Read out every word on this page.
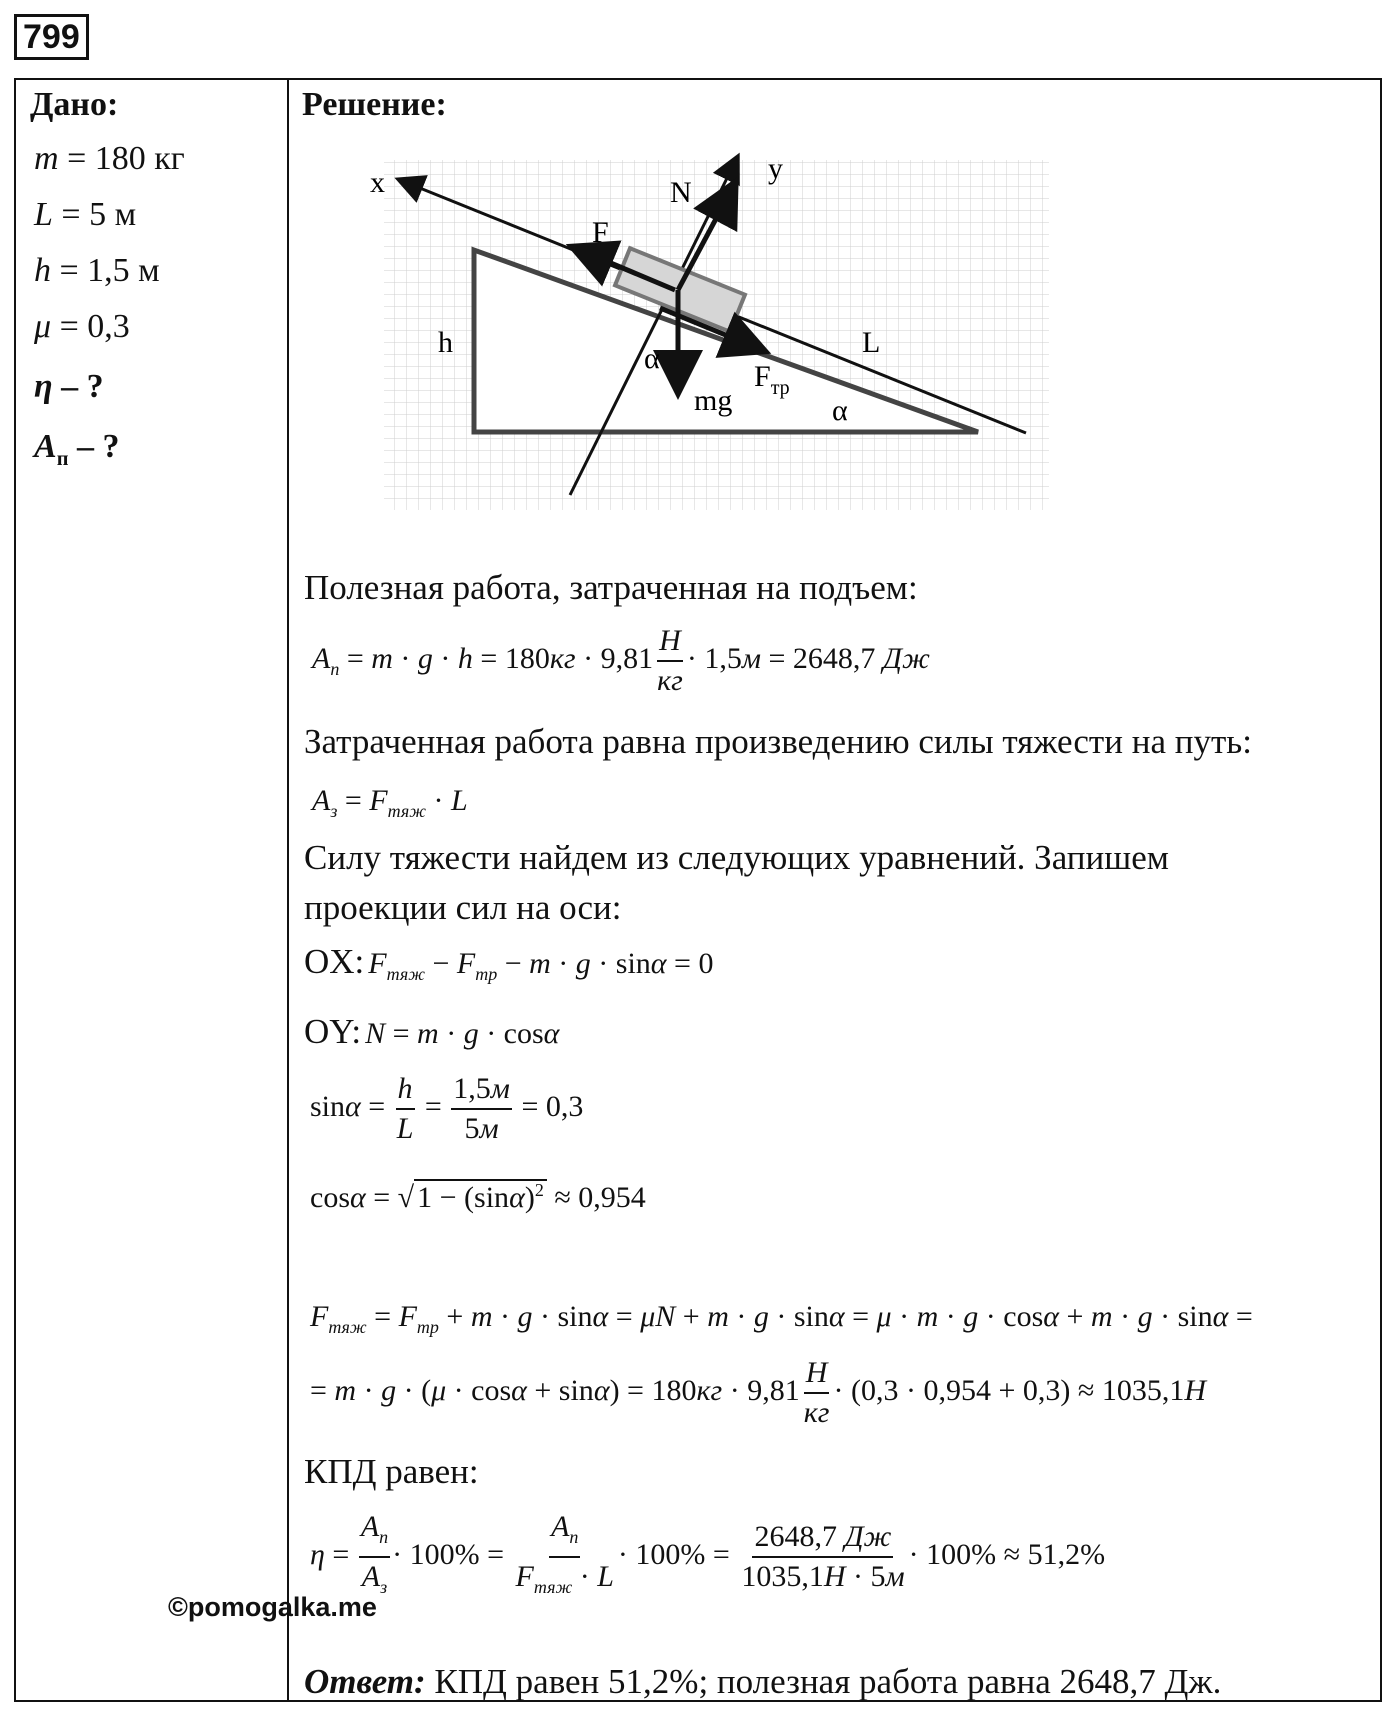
799
Дано:
m = 180 кг
L = 5 м
h = 1,5 м
μ = 0,3
η – ?
$A_п$ – ?
Решение:
x	y
N
F
h	L
α
α
mg
$F_{тр}$
Полезная работа, затраченная на подъем:
$A_п = m \cdot g \cdot h = 180кг \cdot 9,81 \frac{Н}{кг} \cdot 1,5м = 2648,7$ Дж
Затраченная работа равна произведению силы тяжести на путь:
$A_з = F_{тяж} \cdot L$
Силу тяжести найдем из следующих уравнений. Запишем
проекции сил на оси:
OX: $F_{тяж} - F_{тр} - m \cdot g \cdot \sin\alpha = 0$
OY: N = m · g · cosα
$\sin\alpha = \frac{h}{L} = \frac{1,5м}{5м} = 0,3$
cosα = √ $1 - (\sin\alpha)^2 \approx 0,954$
$F_{тяж} = F_{тр} + m \cdot g \cdot \sin\alpha = \mu N + m \cdot g \cdot \sin\alpha = \mu \cdot m \cdot g \cdot \cos\alpha + m \cdot g \cdot \sin\alpha$ =
= $m \cdot g \cdot (\mu \cdot \cos\alpha + \sin\alpha) = 180кг \cdot 9,81 \frac{Н}{кг} \cdot (0,3 \cdot 0,954 + 0,3) \approx 1035,1Н$
КПД равен:
$\eta = \frac{A_п}{A_з} \cdot 100\% = \frac{A_п}{F_{тяж} \cdot L} \cdot 100\% = \frac{2648,7 Дж}{1035,1Н \cdot 5м} \cdot 100\% \approx 51,2\%$
©pomogalka.me
Ответ: КПД равен 51,2%; полезная работа равна 2648,7 Дж.
